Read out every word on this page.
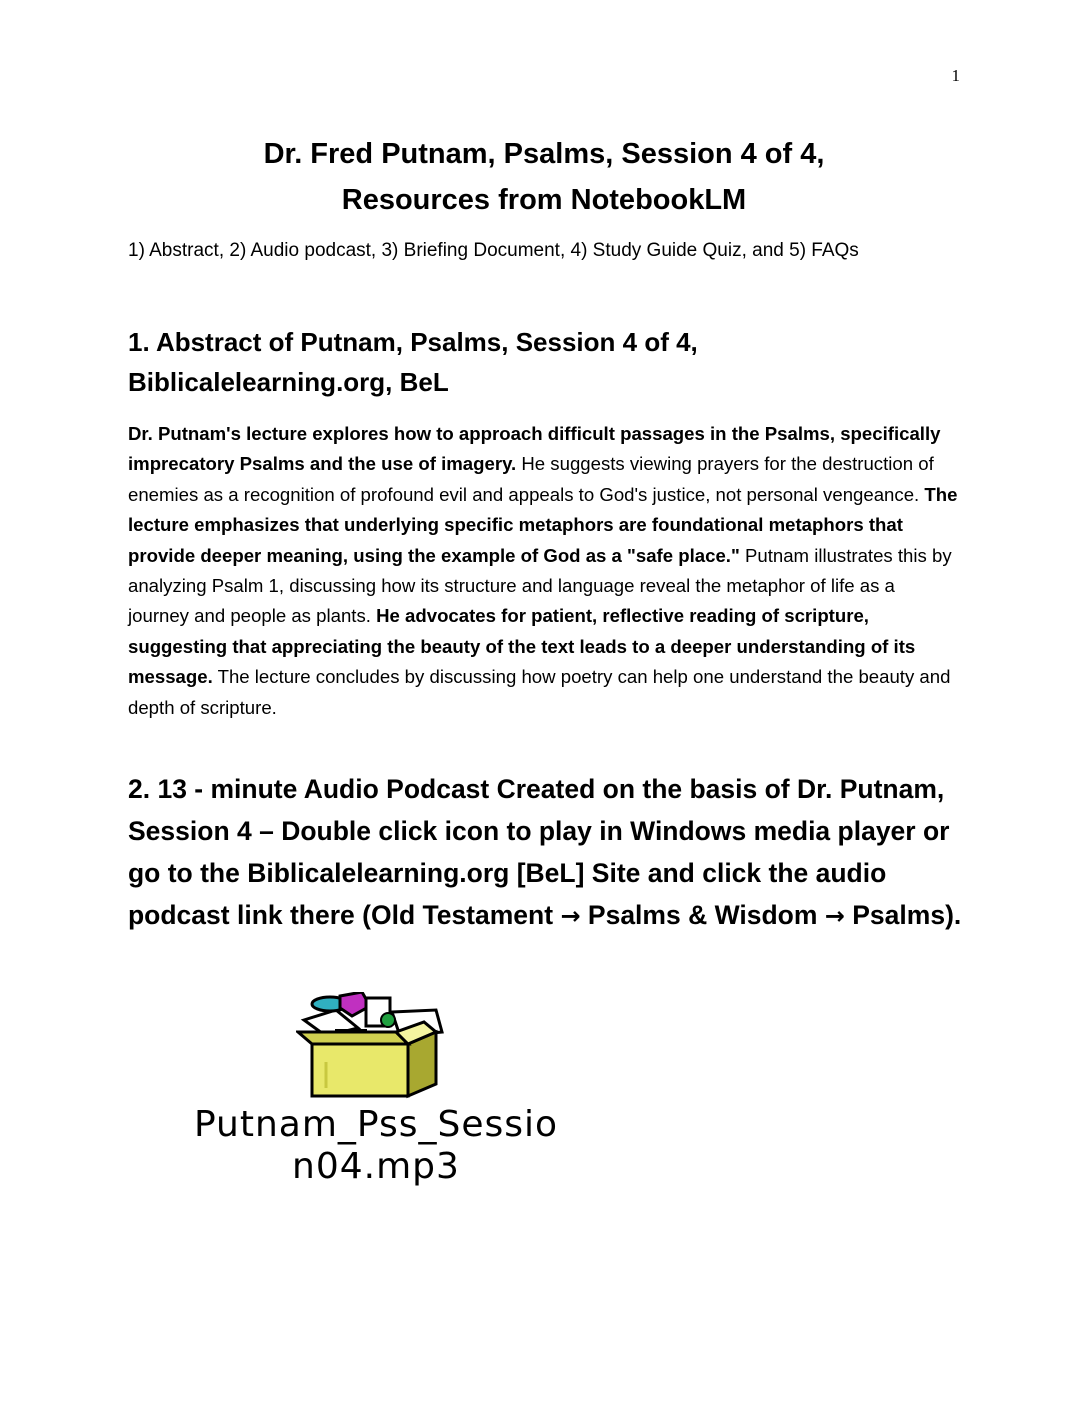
1
Dr. Fred Putnam, Psalms, Session 4 of 4,
Resources from NotebookLM

1) Abstract, 2) Audio podcast, 3) Briefing Document, 4) Study Guide Quiz, and 5) FAQs

1. Abstract of Putnam, Psalms, Session 4 of 4,
Biblicalelearning.org, BeL

Dr. Putnam's lecture explores how to approach difficult passages in the Psalms, specifically imprecatory Psalms and the use of imagery. He suggests viewing prayers for the destruction of enemies as a recognition of profound evil and appeals to God's justice, not personal vengeance. The lecture emphasizes that underlying specific metaphors are foundational metaphors that provide deeper meaning, using the example of God as a "safe place." Putnam illustrates this by analyzing Psalm 1, discussing how its structure and language reveal the metaphor of life as a journey and people as plants. He advocates for patient, reflective reading of scripture, suggesting that appreciating the beauty of the text leads to a deeper understanding of its message. The lecture concludes by discussing how poetry can help one understand the beauty and depth of scripture.

2. 13 - minute Audio Podcast Created on the basis of Dr. Putnam, Session 4 – Double click icon to play in Windows media player or go to the Biblicalelearning.org [BeL] Site and click the audio podcast link there (Old Testament → Psalms & Wisdom → Psalms).
Putnam_Pss_Sessio
n04.mp3
